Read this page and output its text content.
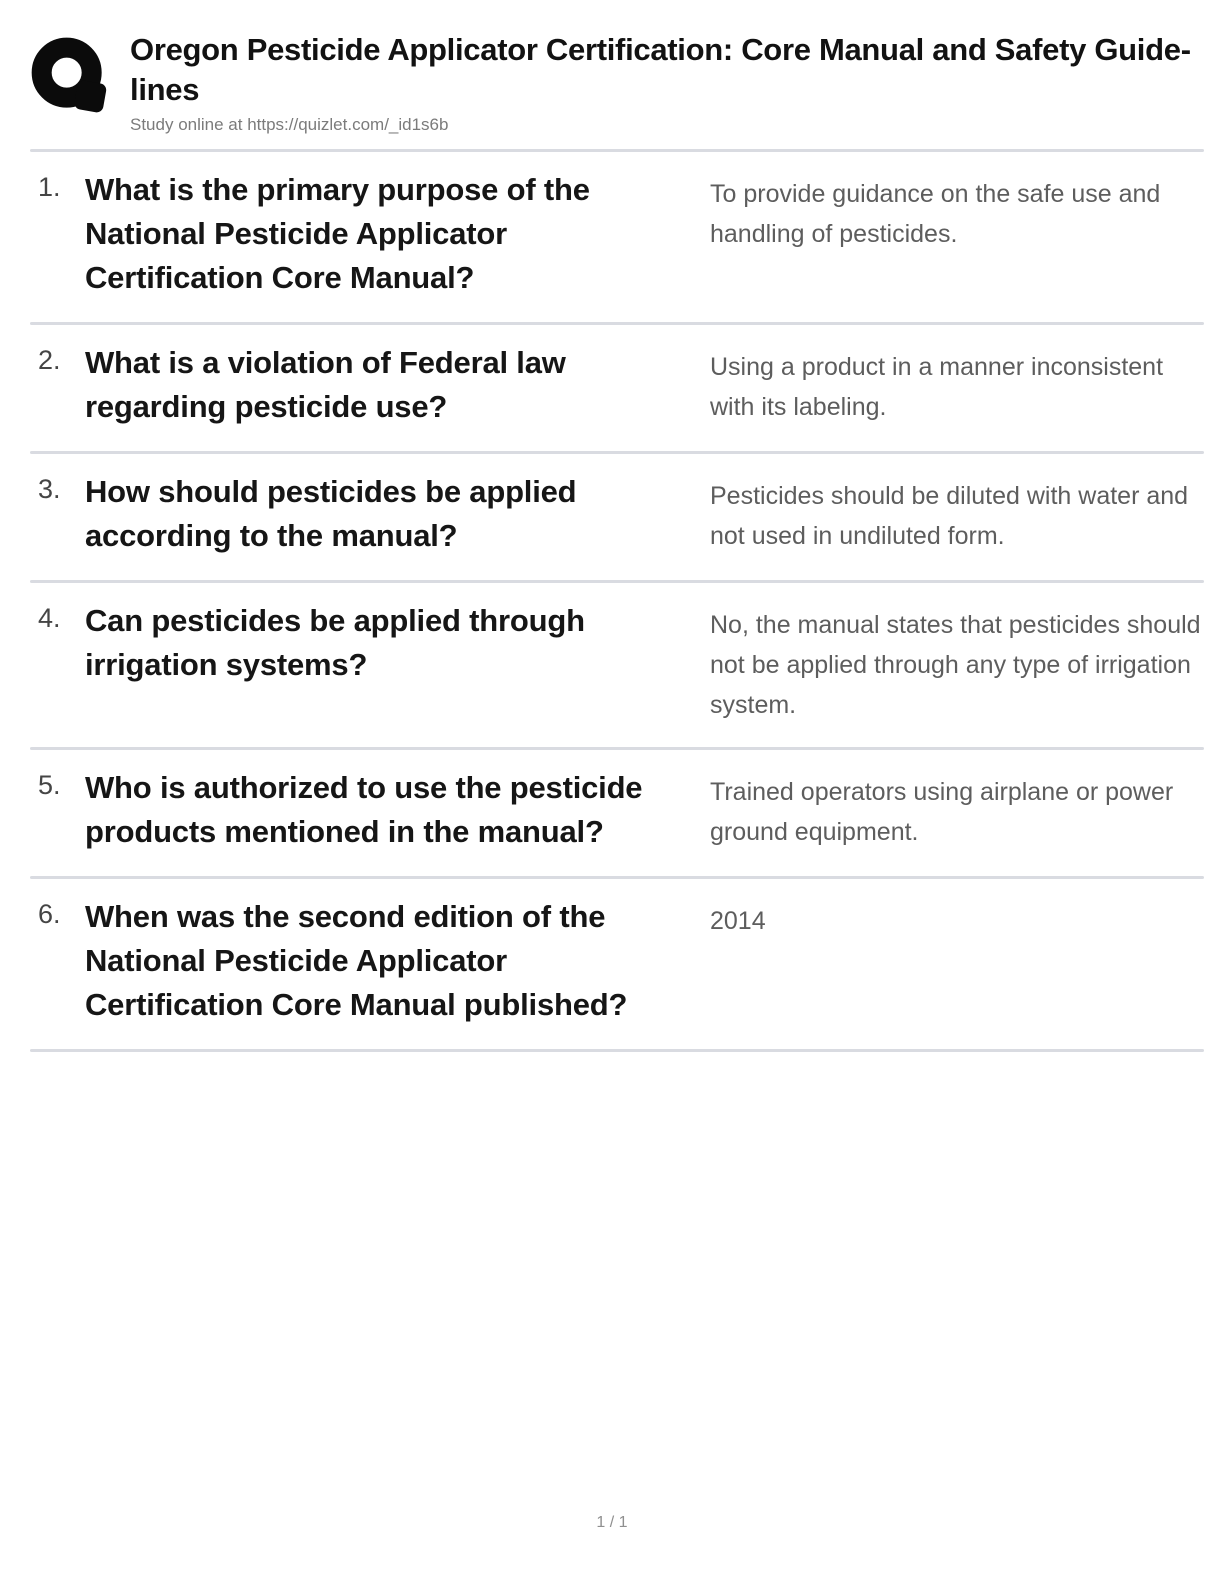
Oregon Pesticide Applicator Certification: Core Manual and Safety Guidelines
Study online at https://quizlet.com/_id1s6b
1. What is the primary purpose of the National Pesticide Applicator Certification Core Manual?
To provide guidance on the safe use and handling of pesticides.
2. What is a violation of Federal law regarding pesticide use?
Using a product in a manner inconsistent with its labeling.
3. How should pesticides be applied according to the manual?
Pesticides should be diluted with water and not used in undiluted form.
4. Can pesticides be applied through irrigation systems?
No, the manual states that pesticides should not be applied through any type of irrigation system.
5. Who is authorized to use the pesticide products mentioned in the manual?
Trained operators using airplane or power ground equipment.
6. When was the second edition of the National Pesticide Applicator Certification Core Manual published?
2014
1 / 1
